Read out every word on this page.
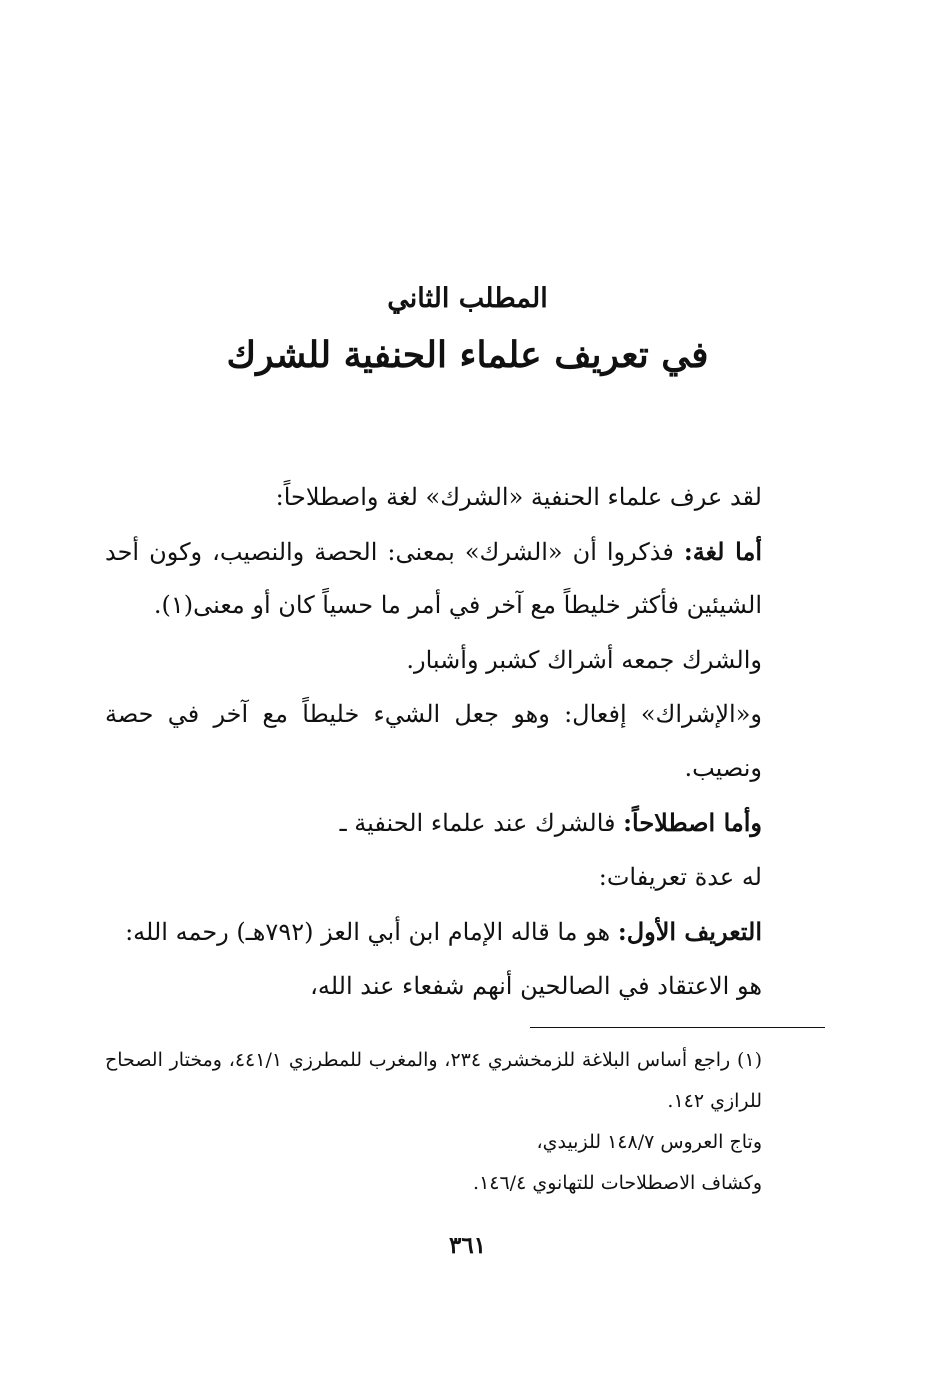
المطلب الثاني
في تعريف علماء الحنفية للشرك

لقد عرف علماء الحنفية «الشرك» لغة واصطلاحاً:

أما لغة: فذكروا أن «الشرك» بمعنى: الحصة والنصيب، وكون أحد الشيئين فأكثر خليطاً مع آخر في أمر ما حسياً كان أو معنى(١).

والشرك جمعه أشراك كشبر وأشبار.

و«الإشراك» إفعال: وهو جعل الشيء خليطاً مع آخر في حصة ونصيب.

وأما اصطلاحاً: فالشرك عند علماء الحنفية ـ

له عدة تعريفات:

التعريف الأول: هو ما قاله الإمام ابن أبي العز (٧٩٢هـ) رحمه الله:

هو الاعتقاد في الصالحين أنهم شفعاء عند الله،

(١) راجع أساس البلاغة للزمخشري ٢٣٤، والمغرب للمطرزي ٤٤١/١، ومختار الصحاح للرازي ١٤٢.

وتاج العروس ١٤٨/٧ للزبيدي،

وكشاف الاصطلاحات للتهانوي ١٤٦/٤.

٣٦١
